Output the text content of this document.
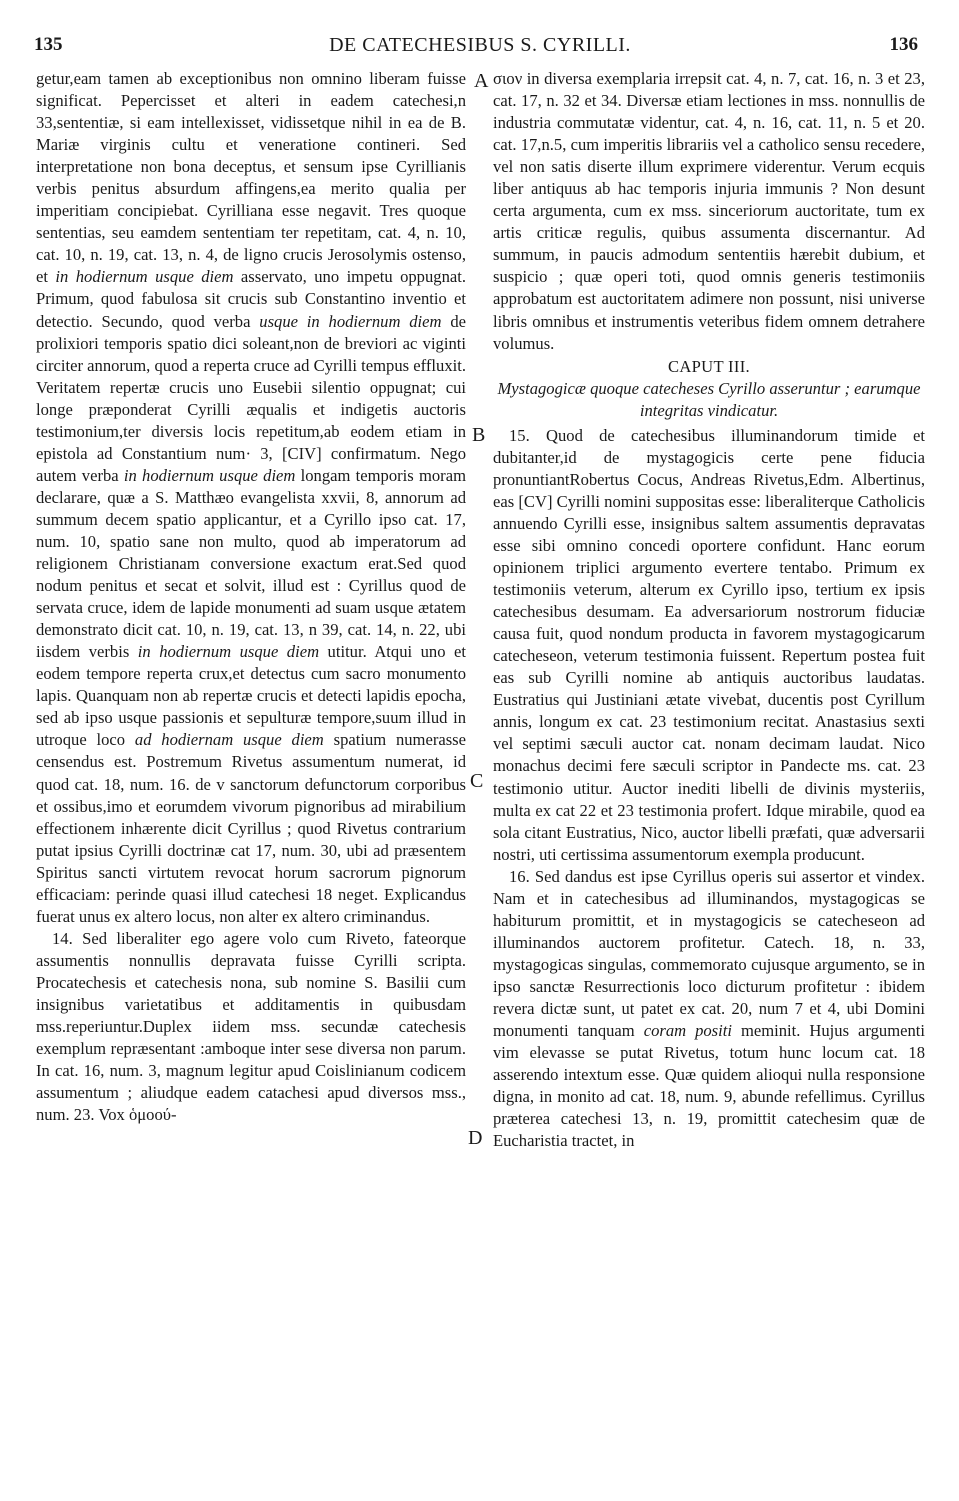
135	DE CATECHESIBUS S. CYRILLI.	136
A
B
C
D

getur,eam tamen ab exceptionibus non omnino liberam fuisse significat. Pepercisset et alteri in eadem catechesi,n 33,sententiæ, si eam intellexisset, vidissetque nihil in ea de B. Mariæ virginis cultu et veneratione contineri. Sed interpretatione non bona deceptus, et sensum ipse Cyrillianis verbis penitus absurdum affingens,ea merito qualia per imperitiam concipiebat. Cyrilliana esse negavit. Tres quoque sententias, seu eamdem sententiam ter repetitam, cat. 4, n. 10, cat. 10, n. 19, cat. 13, n. 4, de ligno crucis Jerosolymis ostenso, et in hodiernum usque diem asservato, uno impetu oppugnat. Primum, quod fabulosa sit crucis sub Constantino inventio et detectio. Secundo, quod verba usque in hodiernum diem de prolixiori temporis spatio dici soleant,non de breviori ac viginti circiter annorum, quod a reperta cruce ad Cyrilli tempus effluxit. Veritatem repertæ crucis uno Eusebii silentio oppugnat; cui longe præponderat Cyrilli æqualis et indigetis auctoris testimonium,ter diversis locis repetitum,ab eodem etiam in epistola ad Constantium num· 3, [CIV] confirmatum. Nego autem verba in hodiernum usque diem longam temporis moram declarare, quæ a S. Matthæo evangelista xxvii, 8, annorum ad summum decem spatio applicantur, et a Cyrillo ipso cat. 17, num. 10, spatio sane non multo, quod ab imperatorum ad religionem Christianam conversione exactum erat.Sed quod nodum penitus et secat et solvit, illud est : Cyrillus quod de servata cruce, idem de lapide monumenti ad suam usque ætatem demonstrato dicit cat. 10, n. 19, cat. 13, n 39, cat. 14, n. 22, ubi iisdem verbis in hodiernum usque diem utitur. Atqui uno et eodem tempore reperta crux,et detectus cum sacro monumento lapis. Quanquam non ab repertæ crucis et detecti lapidis epocha, sed ab ipso usque passionis et sepulturæ tempore,suum illud in utroque loco ad hodiernam usque diem spatium numerasse censendus est. Postremum Rivetus assumentum numerat, id quod cat. 18, num. 16. de v sanctorum defunctorum corporibus et ossibus,imo et eorumdem vivorum pignoribus ad mirabilium effectionem inhærente dicit Cyrillus ; quod Rivetus contrarium putat ipsius Cyrilli doctrinæ cat 17, num. 30, ubi ad præsentem Spiritus sancti virtutem revocat horum sacrorum pignorum efficaciam: perinde quasi illud catechesi 18 neget. Explicandus fuerat unus ex altero locus, non alter ex altero criminandus.

14. Sed liberaliter ego agere volo cum Riveto, fateorque assumentis nonnullis depravata fuisse Cyrilli scripta. Procatechesis et catechesis nona, sub nomine S. Basilii cum insignibus varietatibus et additamentis in quibusdam mss.reperiuntur.Duplex iidem mss. secundæ catechesis exemplum repræsentant :amboque inter sese diversa non parum. In cat. 16, num. 3, magnum legitur apud Coislinianum codicem assumentum ; aliudque eadem catachesi apud diversos mss., num. 23. Vox ὁμοού-

σιον in diversa exemplaria irrepsit cat. 4, n. 7, cat. 16, n. 3 et 23, cat. 17, n. 32 et 34. Diversæ etiam lectiones in mss. nonnullis de industria commutatæ videntur, cat. 4, n. 16, cat. 11, n. 5 et 20. cat. 17,n.5, cum imperitis librariis vel a catholico sensu recedere, vel non satis diserte illum exprimere viderentur. Verum ecquis liber antiquus ab hac temporis injuria immunis ? Non desunt certa argumenta, cum ex mss. sinceriorum auctoritate, tum ex artis criticæ regulis, quibus assumenta discernantur. Ad summum, in paucis admodum sententiis hærebit dubium, et suspicio ; quæ operi toti, quod omnis generis testimoniis approbatum est auctoritatem adimere non possunt, nisi universe libris omnibus et instrumentis veteribus fidem omnem detrahere volumus.

CAPUT III.

Mystagogicæ quoque catecheses Cyrillo asseruntur ; earumque integritas vindicatur.

15. Quod de catechesibus illuminandorum timide et dubitanter,id de mystagogicis certe pene fiducia pronuntiantRobertus Cocus, Andreas Rivetus,Edm. Albertinus, eas [CV] Cyrilli nomini suppositas esse: liberaliterque Catholicis annuendo Cyrilli esse, insignibus saltem assumentis depravatas esse sibi omnino concedi oportere confidunt. Hanc eorum opinionem triplici argumento evertere tentabo. Primum ex testimoniis veterum, alterum ex Cyrillo ipso, tertium ex ipsis catechesibus desumam. Ea adversariorum nostrorum fiduciæ causa fuit, quod nondum producta in favorem mystagogicarum catecheseon, veterum testimonia fuissent. Repertum postea fuit eas sub Cyrilli nomine ab antiquis auctoribus laudatas. Eustratius qui Justiniani ætate vivebat, ducentis post Cyrillum annis, longum ex cat. 23 testimonium recitat. Anastasius sexti vel septimi sæculi auctor cat. nonam decimam laudat. Nico monachus decimi fere sæculi scriptor in Pandecte ms. cat. 23 testimonio utitur. Auctor inediti libelli de divinis mysteriis, multa ex cat 22 et 23 testimonia profert. Idque mirabile, quod ea sola citant Eustratius, Nico, auctor libelli præfati, quæ adversarii nostri, uti certissima assumentorum exempla producunt.

16. Sed dandus est ipse Cyrillus operis sui assertor et vindex. Nam et in catechesibus ad illuminandos, mystagogicas se habiturum promittit, et in mystagogicis se catecheseon ad illuminandos auctorem profitetur. Catech. 18, n. 33, mystagogicas singulas, commemorato cujusque argumento, se in ipso sanctæ Resurrectionis loco dicturum profitetur : ibidem revera dictæ sunt, ut patet ex cat. 20, num 7 et 4, ubi Domini monumenti tanquam coram positi meminit. Hujus argumenti vim elevasse se putat Rivetus, totum hunc locum cat. 18 asserendo intextum esse. Quæ quidem alioqui nulla responsione digna, in monito ad cat. 18, num. 9, abunde refellimus. Cyrillus præterea catechesi 13, n. 19, promittit catechesim quæ de Eucharistia tractet, in
